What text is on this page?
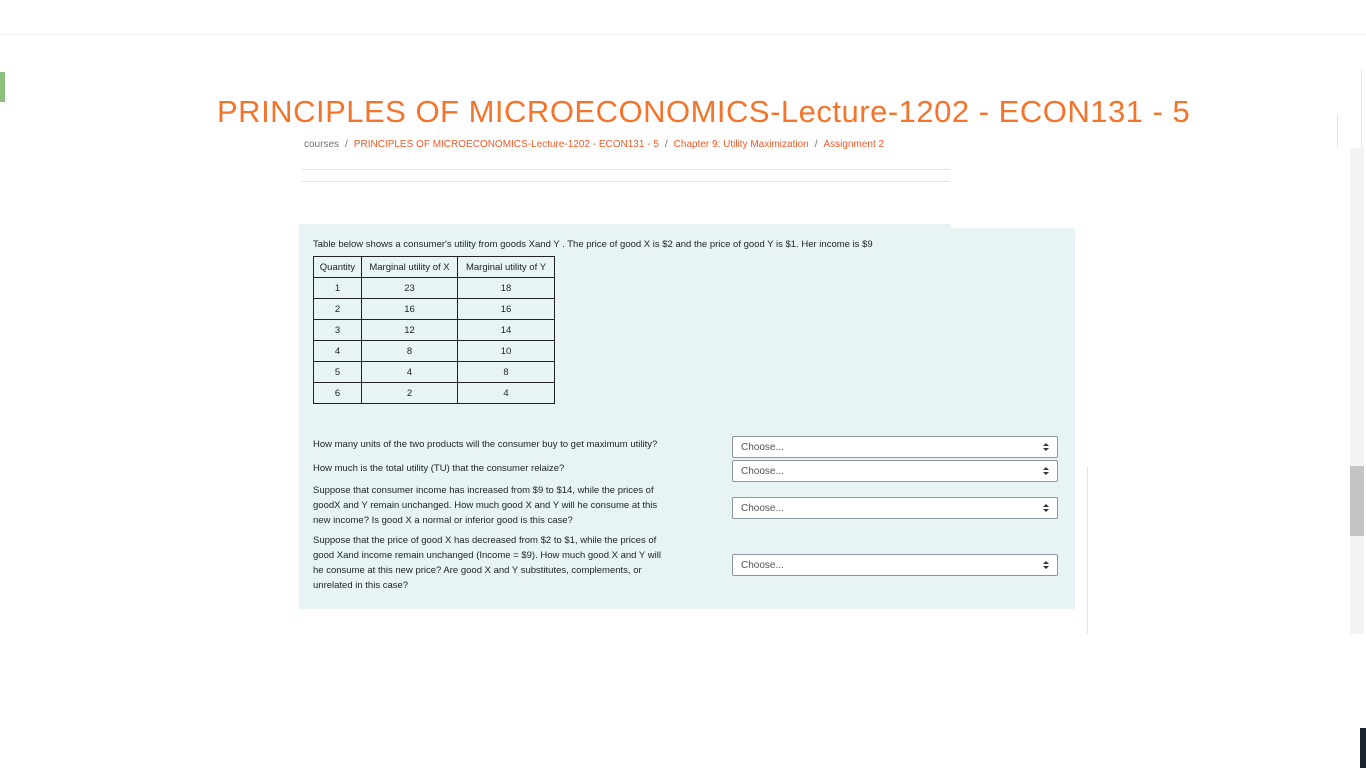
PRINCIPLES OF MICROECONOMICS-Lecture-1202 - ECON131 - 5
courses / PRINCIPLES OF MICROECONOMICS-Lecture-1202 - ECON131 - 5 / Chapter 9: Utility Maximization / Assignment 2
Table below shows a consumer's utility from goods Xand Y . The price of good X is $2 and the price of good Y is $1. Her income is $9
Quantity	Marginal utility of X	Marginal utility of Y
1	23	18
2	16	16
3	12	14
4	8	10
5	4	8
6	2	4
How many units of the two products will the consumer buy to get maximum utility?	Choose...
How much is the total utility (TU) that the consumer relaize?	Choose...
Suppose that consumer income has increased from $9 to $14, while the prices of
goodX and Y remain unchanged. How much good X and Y will he consume at this
new income? Is good X a normal or inferior good is this case?
Choose...
Suppose that the price of good X has decreased from $2 to $1, while the prices of
good Xand income remain unchanged (Income = $9). How much good X and Y will
he consume at this new price? Are good X and Y substitutes, complements, or
unrelated in this case?
Choose...
